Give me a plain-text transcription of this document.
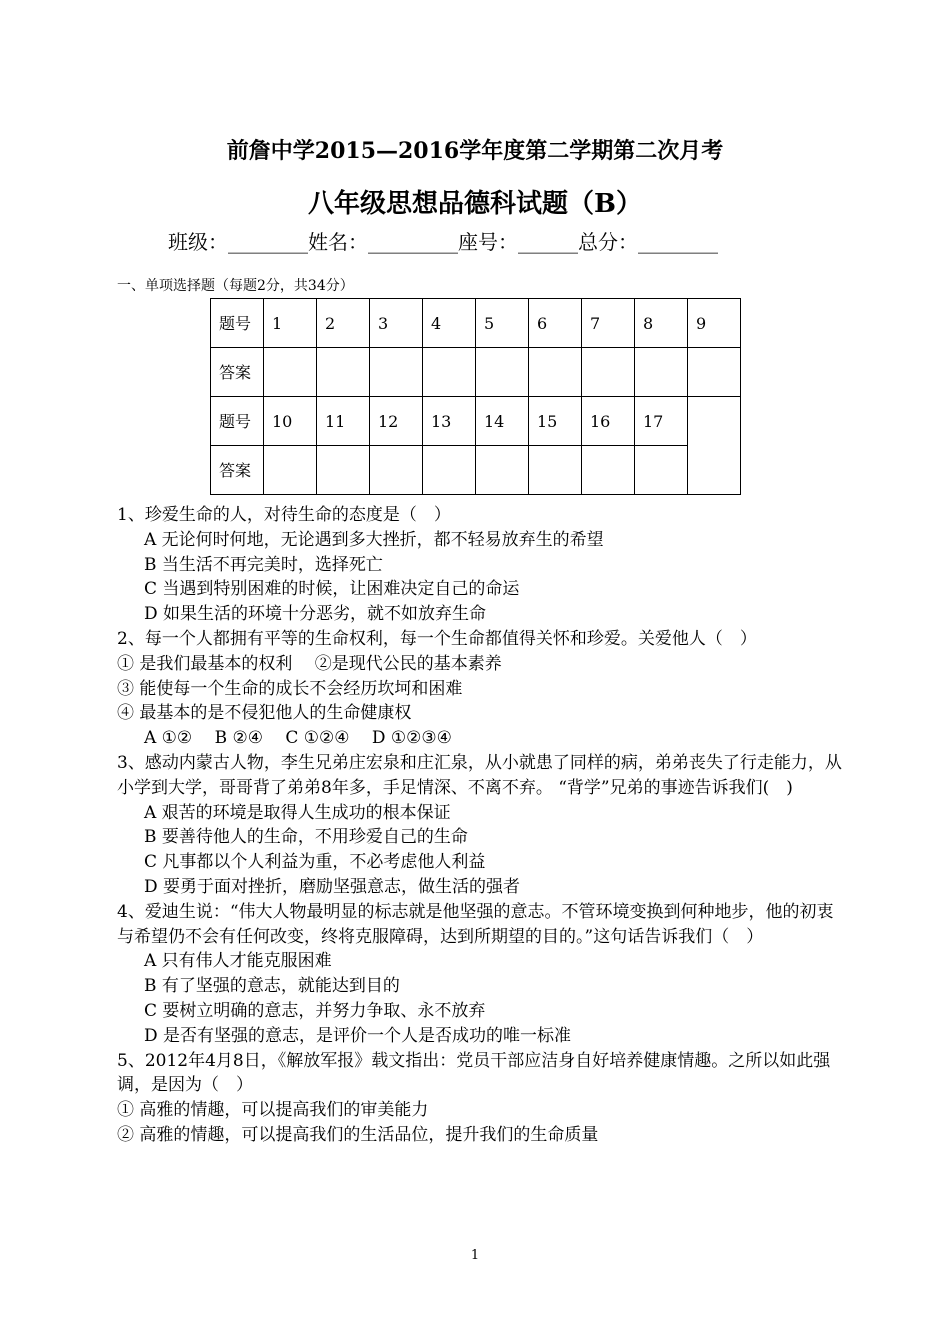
前詹中学2015—2016学年度第二学期第二次月考
八年级思想品德科试题（B）
班级：________姓名：_________座号：______总分：________
一、单项选择题（每题2分，共34分）
题号	1	2	3	4	5	6	7	8	9
答案									
题号	10	11	12	13	14	15	16	17	
答案									

1、珍爱生命的人，对待生命的态度是（　）

A 无论何时何地，无论遇到多大挫折，都不轻易放弃生的希望

B 当生活不再完美时，选择死亡

C 当遇到特别困难的时候，让困难决定自己的命运

D 如果生活的环境十分恶劣，就不如放弃生命

2、每一个人都拥有平等的生命权利，每一个生命都值得关怀和珍爱。关爱他人（　）

① 是我们最基本的权利　 ②是现代公民的基本素养

③ 能使每一个生命的成长不会经历坎坷和困难

④ 最基本的是不侵犯他人的生命健康权

A ①②　 B ②④　 C ①②④　 D ①②③④

3、感动内蒙古人物，李生兄弟庄宏泉和庄汇泉，从小就患了同样的病，弟弟丧失了行走能力，从小学到大学，哥哥背了弟弟8年多，手足情深、不离不弃。 “背学”兄弟的事迹告诉我们(　)

A 艰苦的环境是取得人生成功的根本保证

B 要善待他人的生命，不用珍爱自己的生命

C 凡事都以个人利益为重，不必考虑他人利益

D 要勇于面对挫折，磨励坚强意志，做生活的强者

4、爱迪生说：“伟大人物最明显的标志就是他坚强的意志。不管环境变换到何种地步，他的初衷与希望仍不会有任何改变，终将克服障碍，达到所期望的目的。”这句话告诉我们（　）

A 只有伟人才能克服困难

B 有了坚强的意志，就能达到目的

C 要树立明确的意志，并努力争取、永不放弃

D 是否有坚强的意志，是评价一个人是否成功的唯一标准

5、2012年4月8日，《解放军报》载文指出：党员干部应洁身自好培养健康情趣。之所以如此强调，是因为（　）

① 高雅的情趣，可以提高我们的审美能力

② 高雅的情趣，可以提高我们的生活品位，提升我们的生命质量

1
